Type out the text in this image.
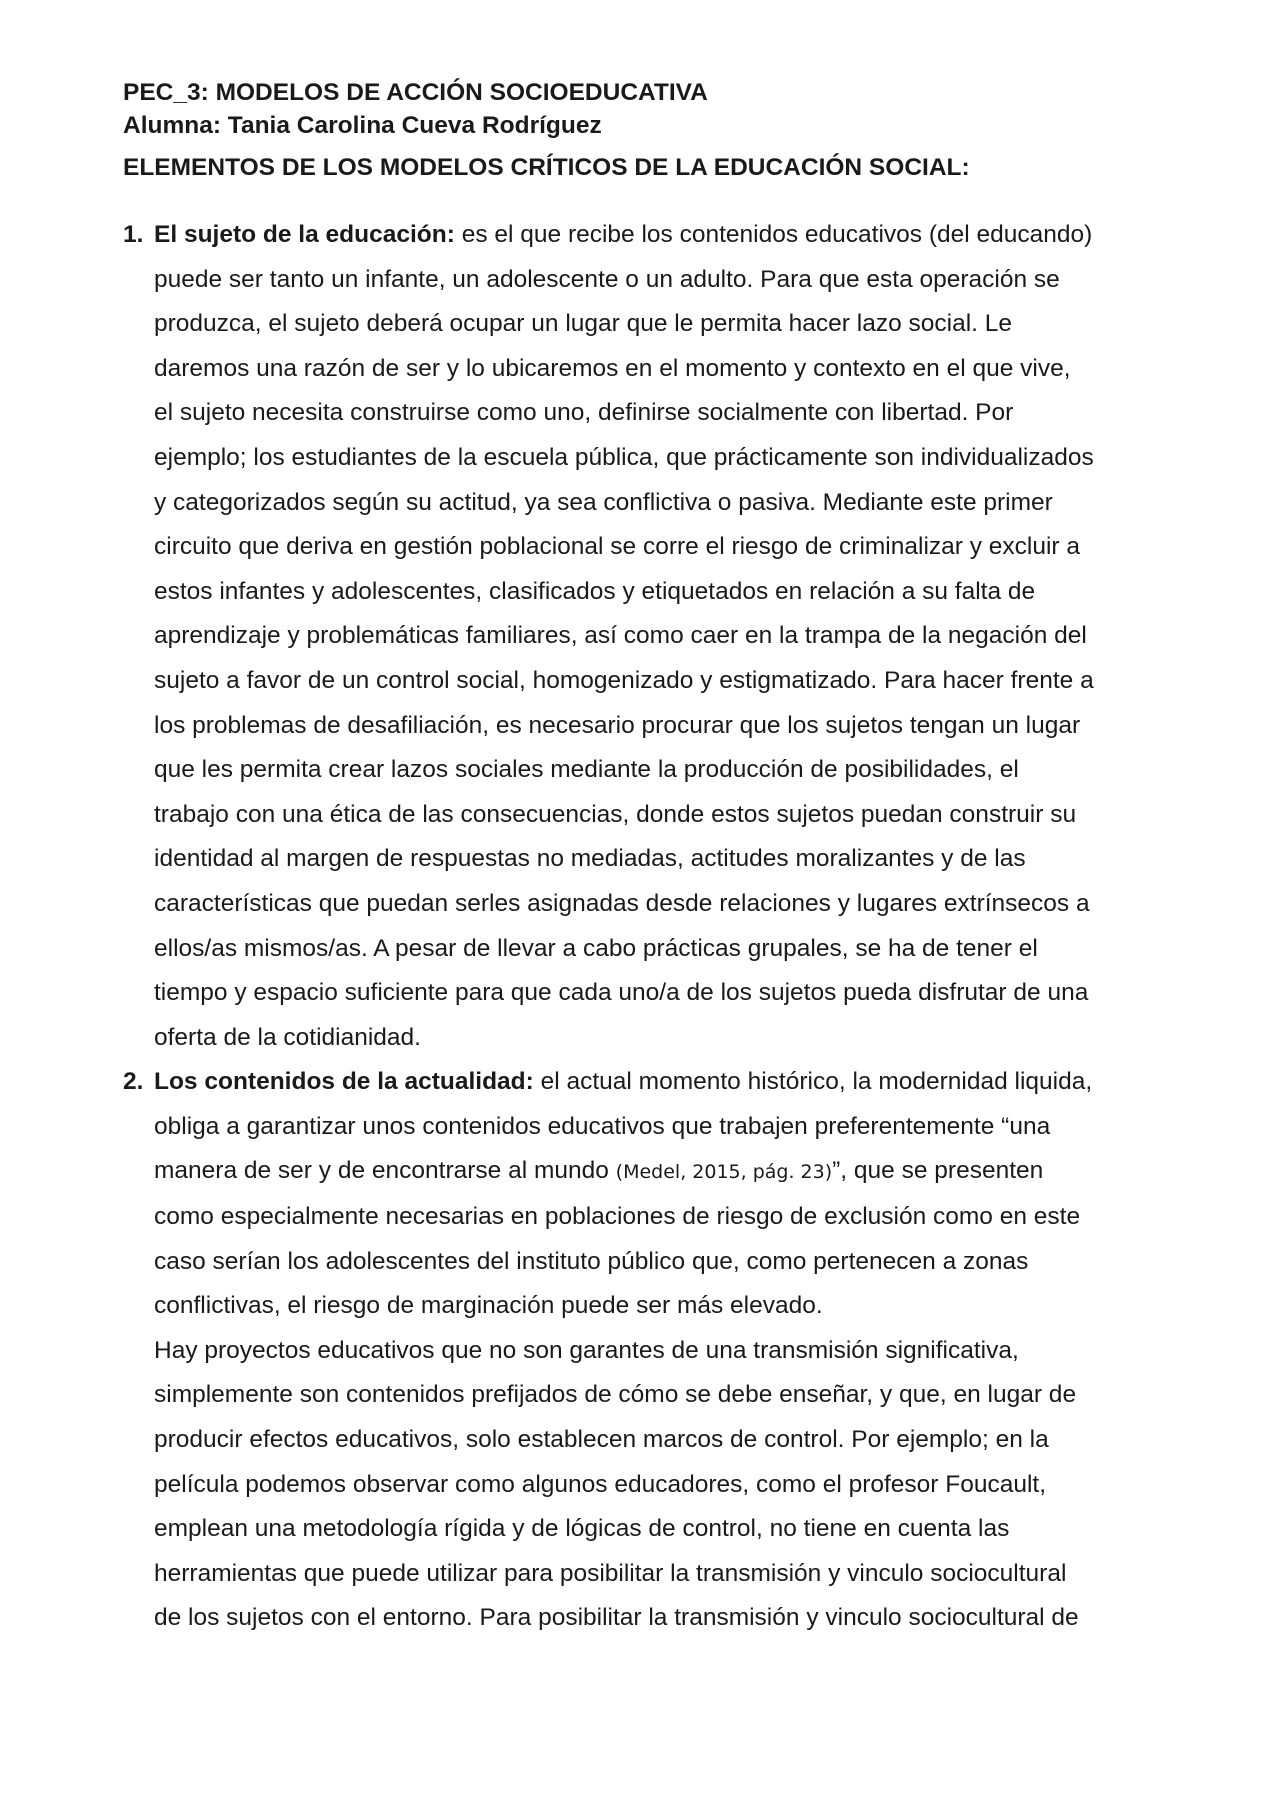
PEC_3: MODELOS DE ACCIÓN SOCIOEDUCATIVA
Alumna: Tania Carolina Cueva Rodríguez
ELEMENTOS DE LOS MODELOS CRÍTICOS DE LA EDUCACIÓN SOCIAL:
1. El sujeto de la educación: es el que recibe los contenidos educativos (del educando)
puede ser tanto un infante, un adolescente o un adulto. Para que esta operación se
produzca, el sujeto deberá ocupar un lugar que le permita hacer lazo social. Le
daremos una razón de ser y lo ubicaremos en el momento y contexto en el que vive,
el sujeto necesita construirse como uno, definirse socialmente con libertad. Por
ejemplo; los estudiantes de la escuela pública, que prácticamente son individualizados
y categorizados según su actitud, ya sea conflictiva o pasiva. Mediante este primer
circuito que deriva en gestión poblacional se corre el riesgo de criminalizar y excluir a
estos infantes y adolescentes, clasificados y etiquetados en relación a su falta de
aprendizaje y problemáticas familiares, así como caer en la trampa de la negación del
sujeto a favor de un control social, homogenizado y estigmatizado. Para hacer frente a
los problemas de desafiliación, es necesario procurar que los sujetos tengan un lugar
que les permita crear lazos sociales mediante la producción de posibilidades, el
trabajo con una ética de las consecuencias, donde estos sujetos puedan construir su
identidad al margen de respuestas no mediadas, actitudes moralizantes y de las
características que puedan serles asignadas desde relaciones y lugares extrínsecos a
ellos/as mismos/as. A pesar de llevar a cabo prácticas grupales, se ha de tener el
tiempo y espacio suficiente para que cada uno/a de los sujetos pueda disfrutar de una
oferta de la cotidianidad.
2. Los contenidos de la actualidad: el actual momento histórico, la modernidad liquida,
obliga a garantizar unos contenidos educativos que trabajen preferentemente “una
manera de ser y de encontrarse al mundo (Medel, 2015, pág. 23)”, que se presenten
como especialmente necesarias en poblaciones de riesgo de exclusión como en este
caso serían los adolescentes del instituto público que, como pertenecen a zonas
conflictivas, el riesgo de marginación puede ser más elevado.
Hay proyectos educativos que no son garantes de una transmisión significativa,
simplemente son contenidos prefijados de cómo se debe enseñar, y que, en lugar de
producir efectos educativos, solo establecen marcos de control. Por ejemplo; en la
película podemos observar como algunos educadores, como el profesor Foucault,
emplean una metodología rígida y de lógicas de control, no tiene en cuenta las
herramientas que puede utilizar para posibilitar la transmisión y vinculo sociocultural
de los sujetos con el entorno. Para posibilitar la transmisión y vinculo sociocultural de
